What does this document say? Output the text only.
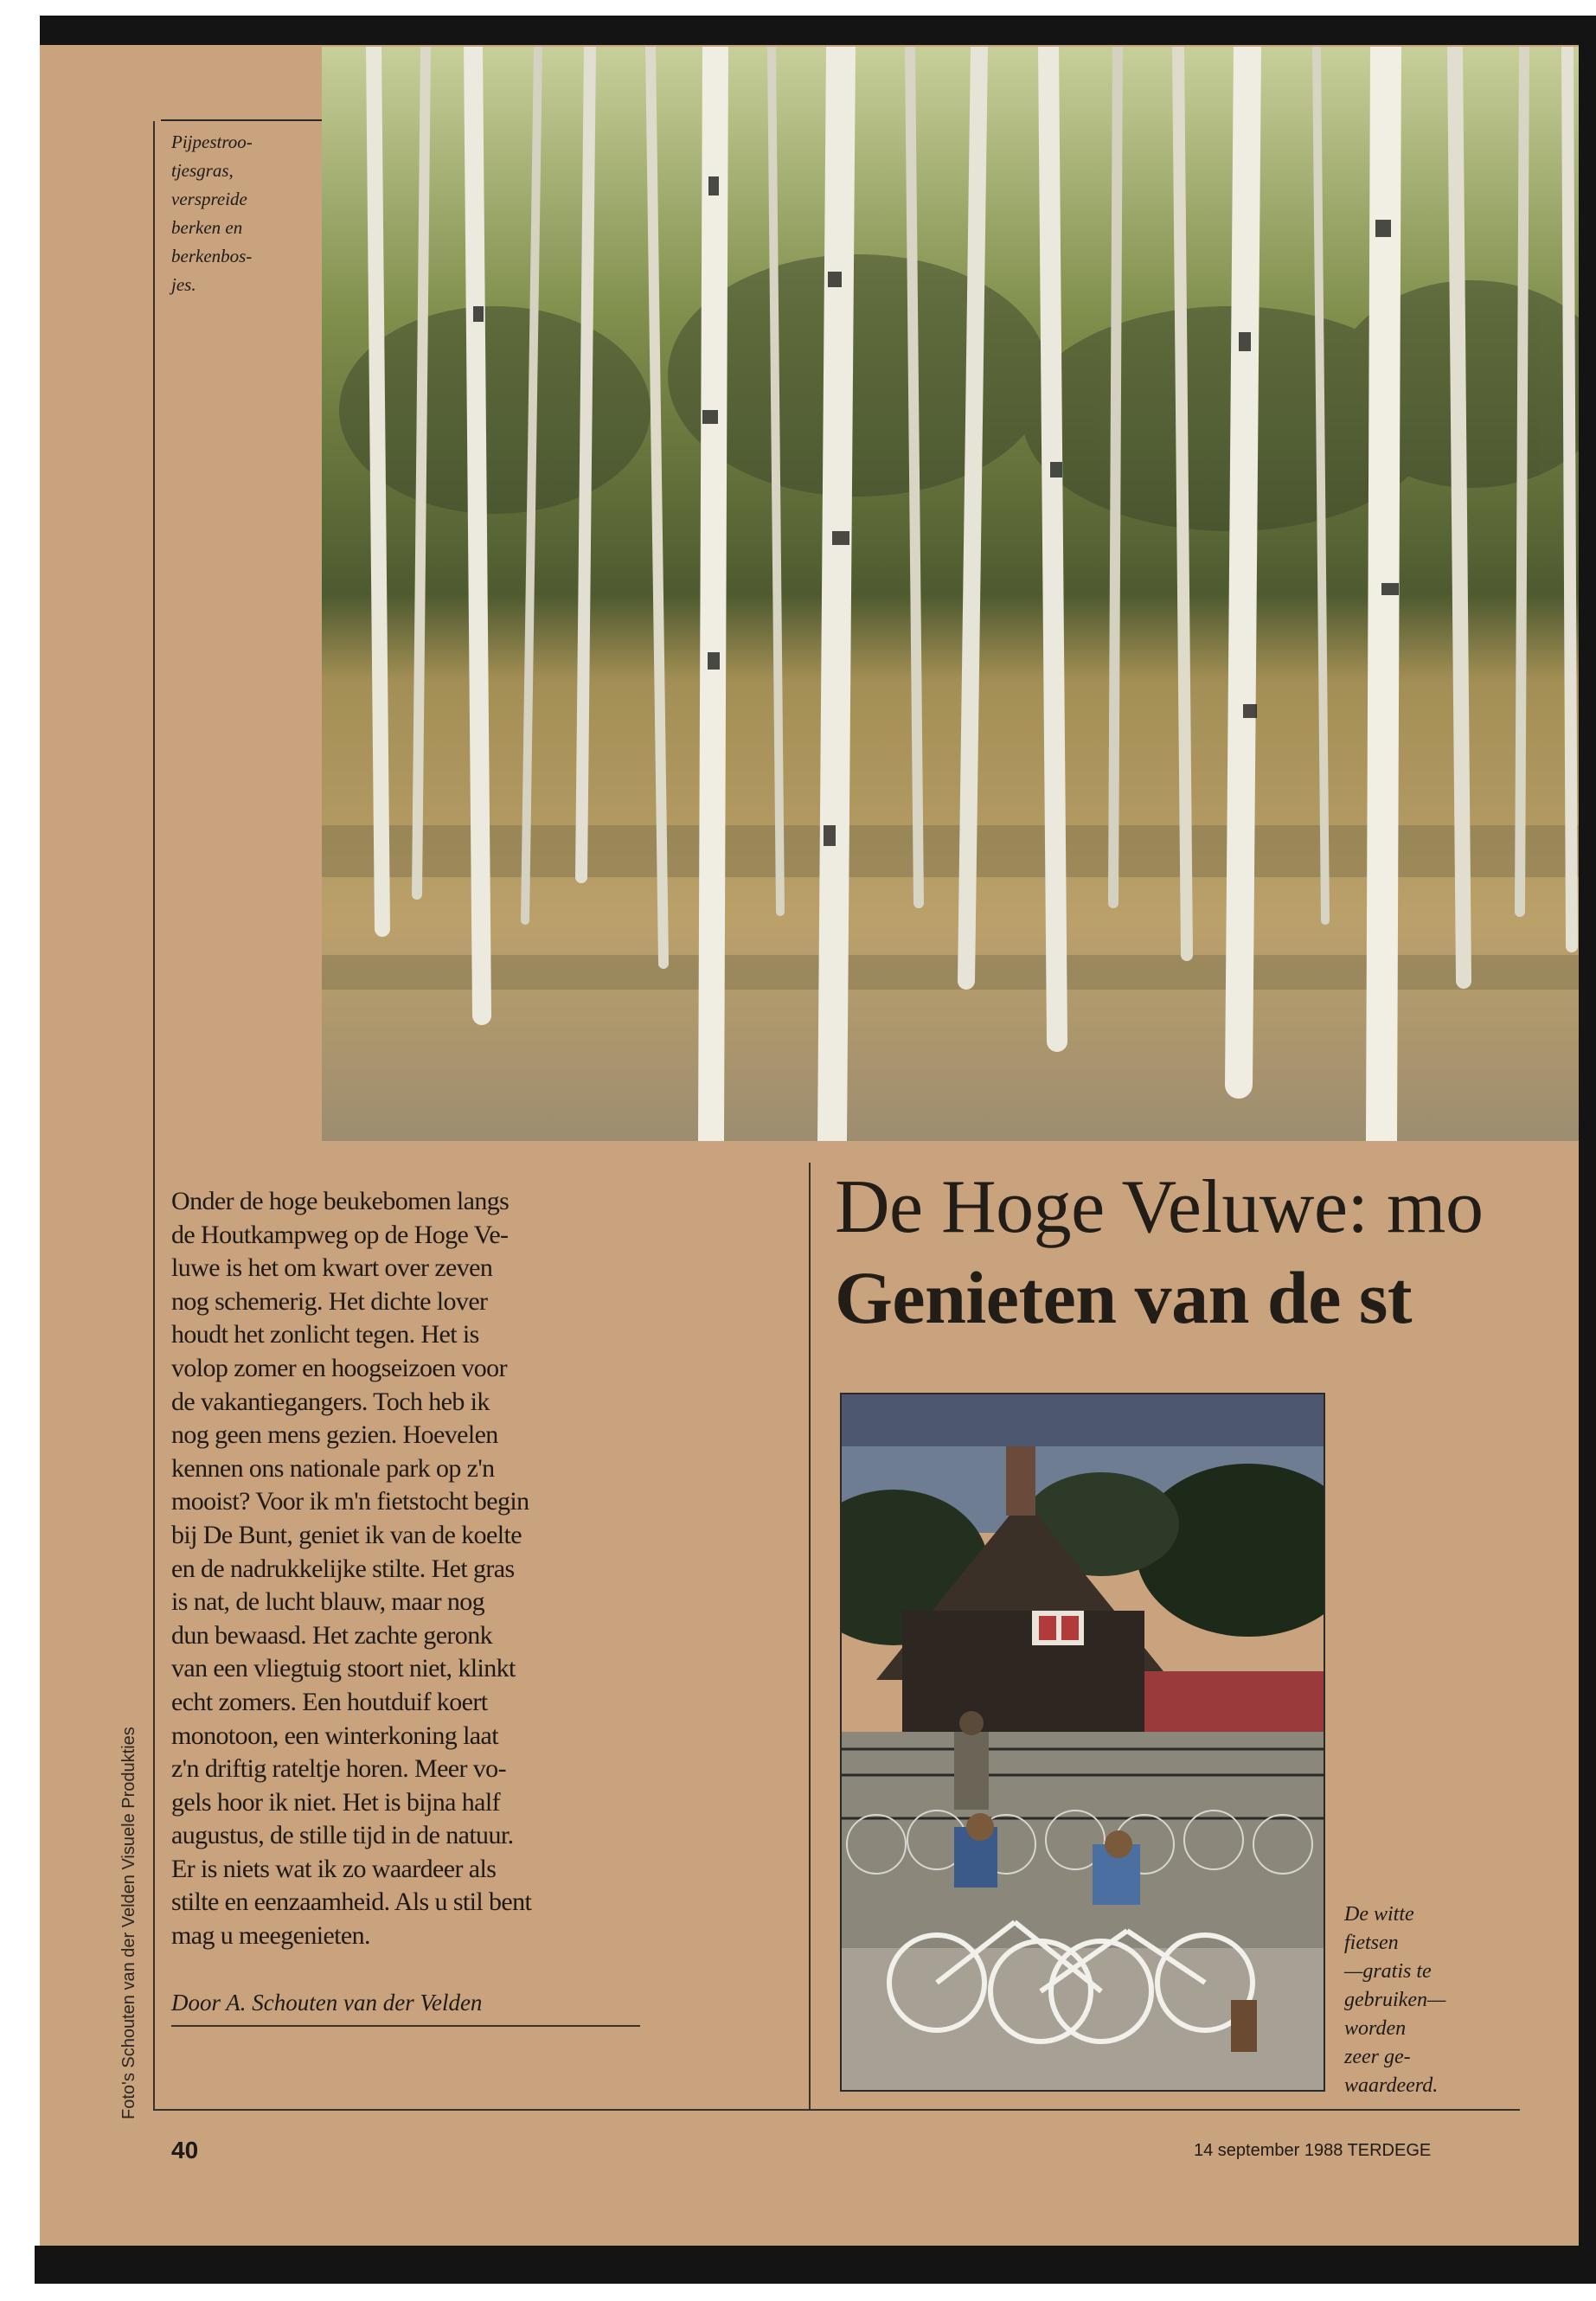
Pijpestroo-
tjesgras,
verspreide
berken en
berkenbos-
jes.
Foto's Schouten van der Velden Visuele Produkties
Onder de hoge beukebomen langs
de Houtkampweg op de Hoge Ve-
luwe is het om kwart over zeven
nog schemerig. Het dichte lover
houdt het zonlicht tegen. Het is
volop zomer en hoogseizoen voor
de vakantiegangers. Toch heb ik
nog geen mens gezien. Hoevelen
kennen ons nationale park op z'n
mooist? Voor ik m'n fietstocht begin
bij De Bunt, geniet ik van de koelte
en de nadrukkelijke stilte. Het gras
is nat, de lucht blauw, maar nog
dun bewaasd. Het zachte geronk
van een vliegtuig stoort niet, klinkt
echt zomers. Een houtduif koert
monotoon, een winterkoning laat
z'n driftig rateltje horen. Meer vo-
gels hoor ik niet. Het is bijna half
augustus, de stille tijd in de natuur.
Er is niets wat ik zo waardeer als
stilte en eenzaamheid. Als u stil bent
mag u meegenieten.
Door A. Schouten van der Velden
De Hoge Veluwe: mo
Genieten van de st
De witte
fietsen
—gratis te
gebruiken—
worden
zeer ge-
waardeerd.
40	14 september 1988 TERDEGE
